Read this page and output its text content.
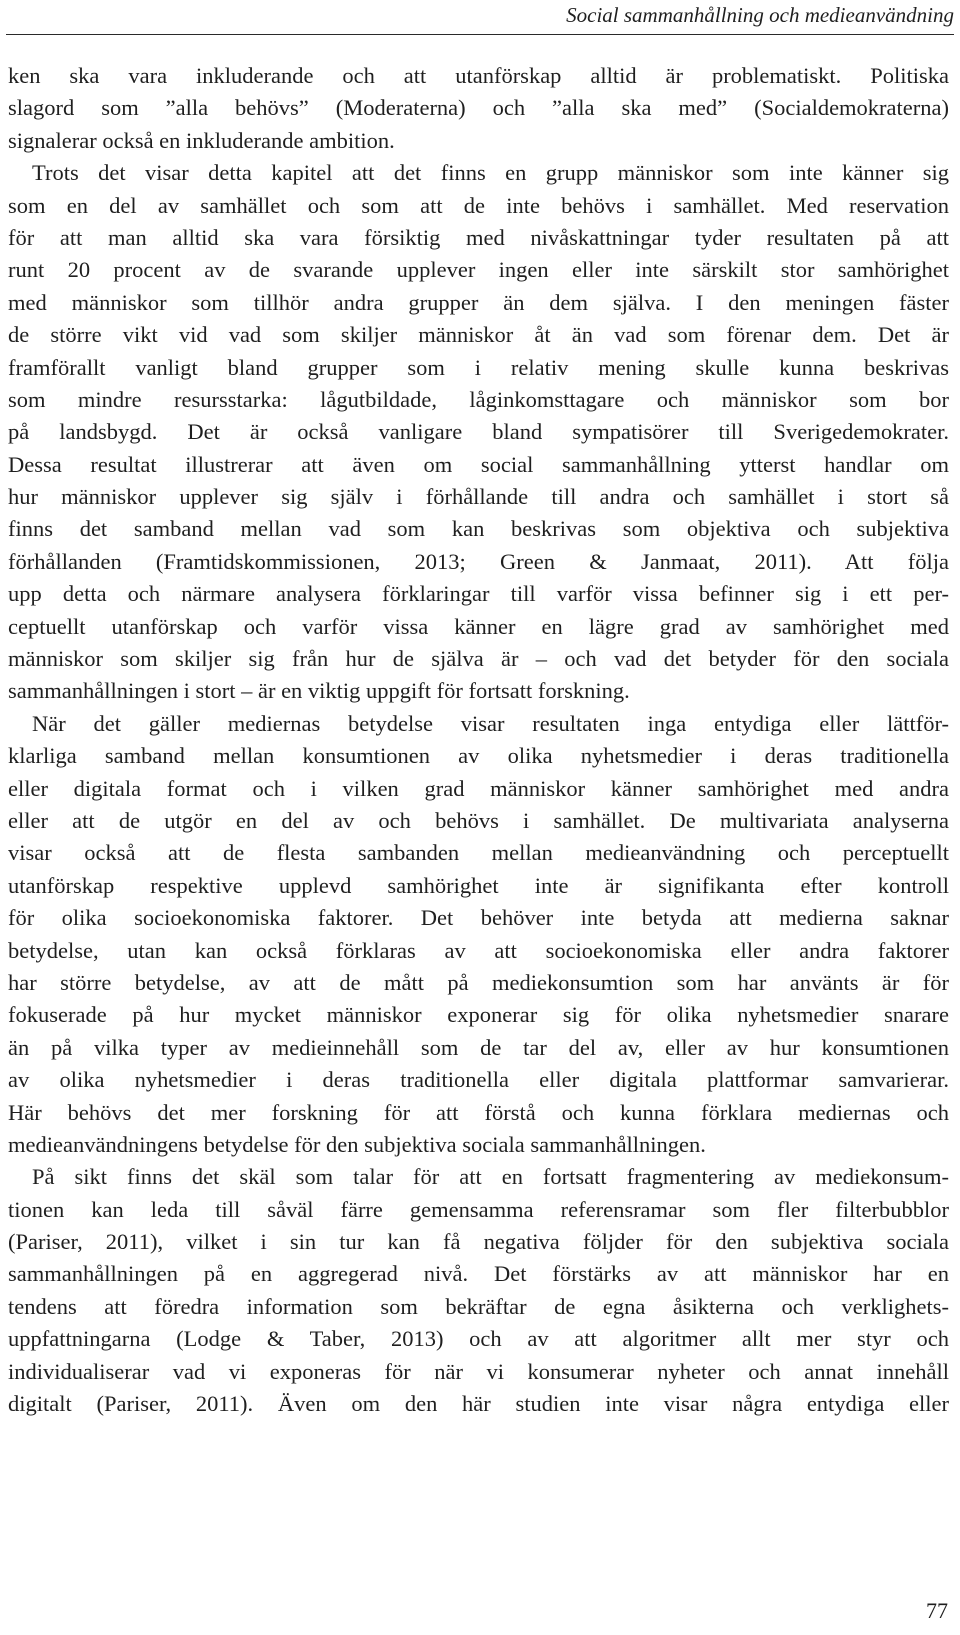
Social sammanhållning och medieanvändning
ken ska vara inkluderande och att utanförskap alltid är problematiskt. Politiska
slagord som ”alla behövs” (Moderaterna) och ”alla ska med” (Socialdemokraterna)
signalerar också en inkluderande ambition.
Trots det visar detta kapitel att det finns en grupp människor som inte känner sig
som en del av samhället och som att de inte behövs i samhället. Med reservation
för att man alltid ska vara försiktig med nivåskattningar tyder resultaten på att
runt 20 procent av de svarande upplever ingen eller inte särskilt stor samhörighet
med människor som tillhör andra grupper än dem själva. I den meningen fäster
de större vikt vid vad som skiljer människor åt än vad som förenar dem. Det är
framförallt vanligt bland grupper som i relativ mening skulle kunna beskrivas
som mindre resursstarka: lågutbildade, låginkomsttagare och människor som bor
på landsbygd. Det är också vanligare bland sympatisörer till Sverigedemokrater.
Dessa resultat illustrerar att även om social sammanhållning ytterst handlar om
hur människor upplever sig själv i förhållande till andra och samhället i stort så
finns det samband mellan vad som kan beskrivas som objektiva och subjektiva
förhållanden (Framtidskommissionen, 2013; Green & Janmaat, 2011). Att följa
upp detta och närmare analysera förklaringar till varför vissa befinner sig i ett per-
ceptuellt utanförskap och varför vissa känner en lägre grad av samhörighet med
människor som skiljer sig från hur de själva är – och vad det betyder för den sociala
sammanhållningen i stort – är en viktig uppgift för fortsatt forskning.
När det gäller mediernas betydelse visar resultaten inga entydiga eller lättför-
klarliga samband mellan konsumtionen av olika nyhetsmedier i deras traditionella
eller digitala format och i vilken grad människor känner samhörighet med andra
eller att de utgör en del av och behövs i samhället. De multivariata analyserna
visar också att de flesta sambanden mellan medieanvändning och perceptuellt
utanförskap respektive upplevd samhörighet inte är signifikanta efter kontroll
för olika socioekonomiska faktorer. Det behöver inte betyda att medierna saknar
betydelse, utan kan också förklaras av att socioekonomiska eller andra faktorer
har större betydelse, av att de mått på mediekonsumtion som har använts är för
fokuserade på hur mycket människor exponerar sig för olika nyhetsmedier snarare
än på vilka typer av medieinnehåll som de tar del av, eller av hur konsumtionen
av olika nyhetsmedier i deras traditionella eller digitala plattformar samvarierar.
Här behövs det mer forskning för att förstå och kunna förklara mediernas och
medieanvändningens betydelse för den subjektiva sociala sammanhållningen.
På sikt finns det skäl som talar för att en fortsatt fragmentering av mediekonsum-
tionen kan leda till såväl färre gemensamma referensramar som fler filterbubblor
(Pariser, 2011), vilket i sin tur kan få negativa följder för den subjektiva sociala
sammanhållningen på en aggregerad nivå. Det förstärks av att människor har en
tendens att föredra information som bekräftar de egna åsikterna och verklighets-
uppfattningarna (Lodge & Taber, 2013) och av att algoritmer allt mer styr och
individualiserar vad vi exponeras för när vi konsumerar nyheter och annat innehåll
digitalt (Pariser, 2011). Även om den här studien inte visar några entydiga eller
77
